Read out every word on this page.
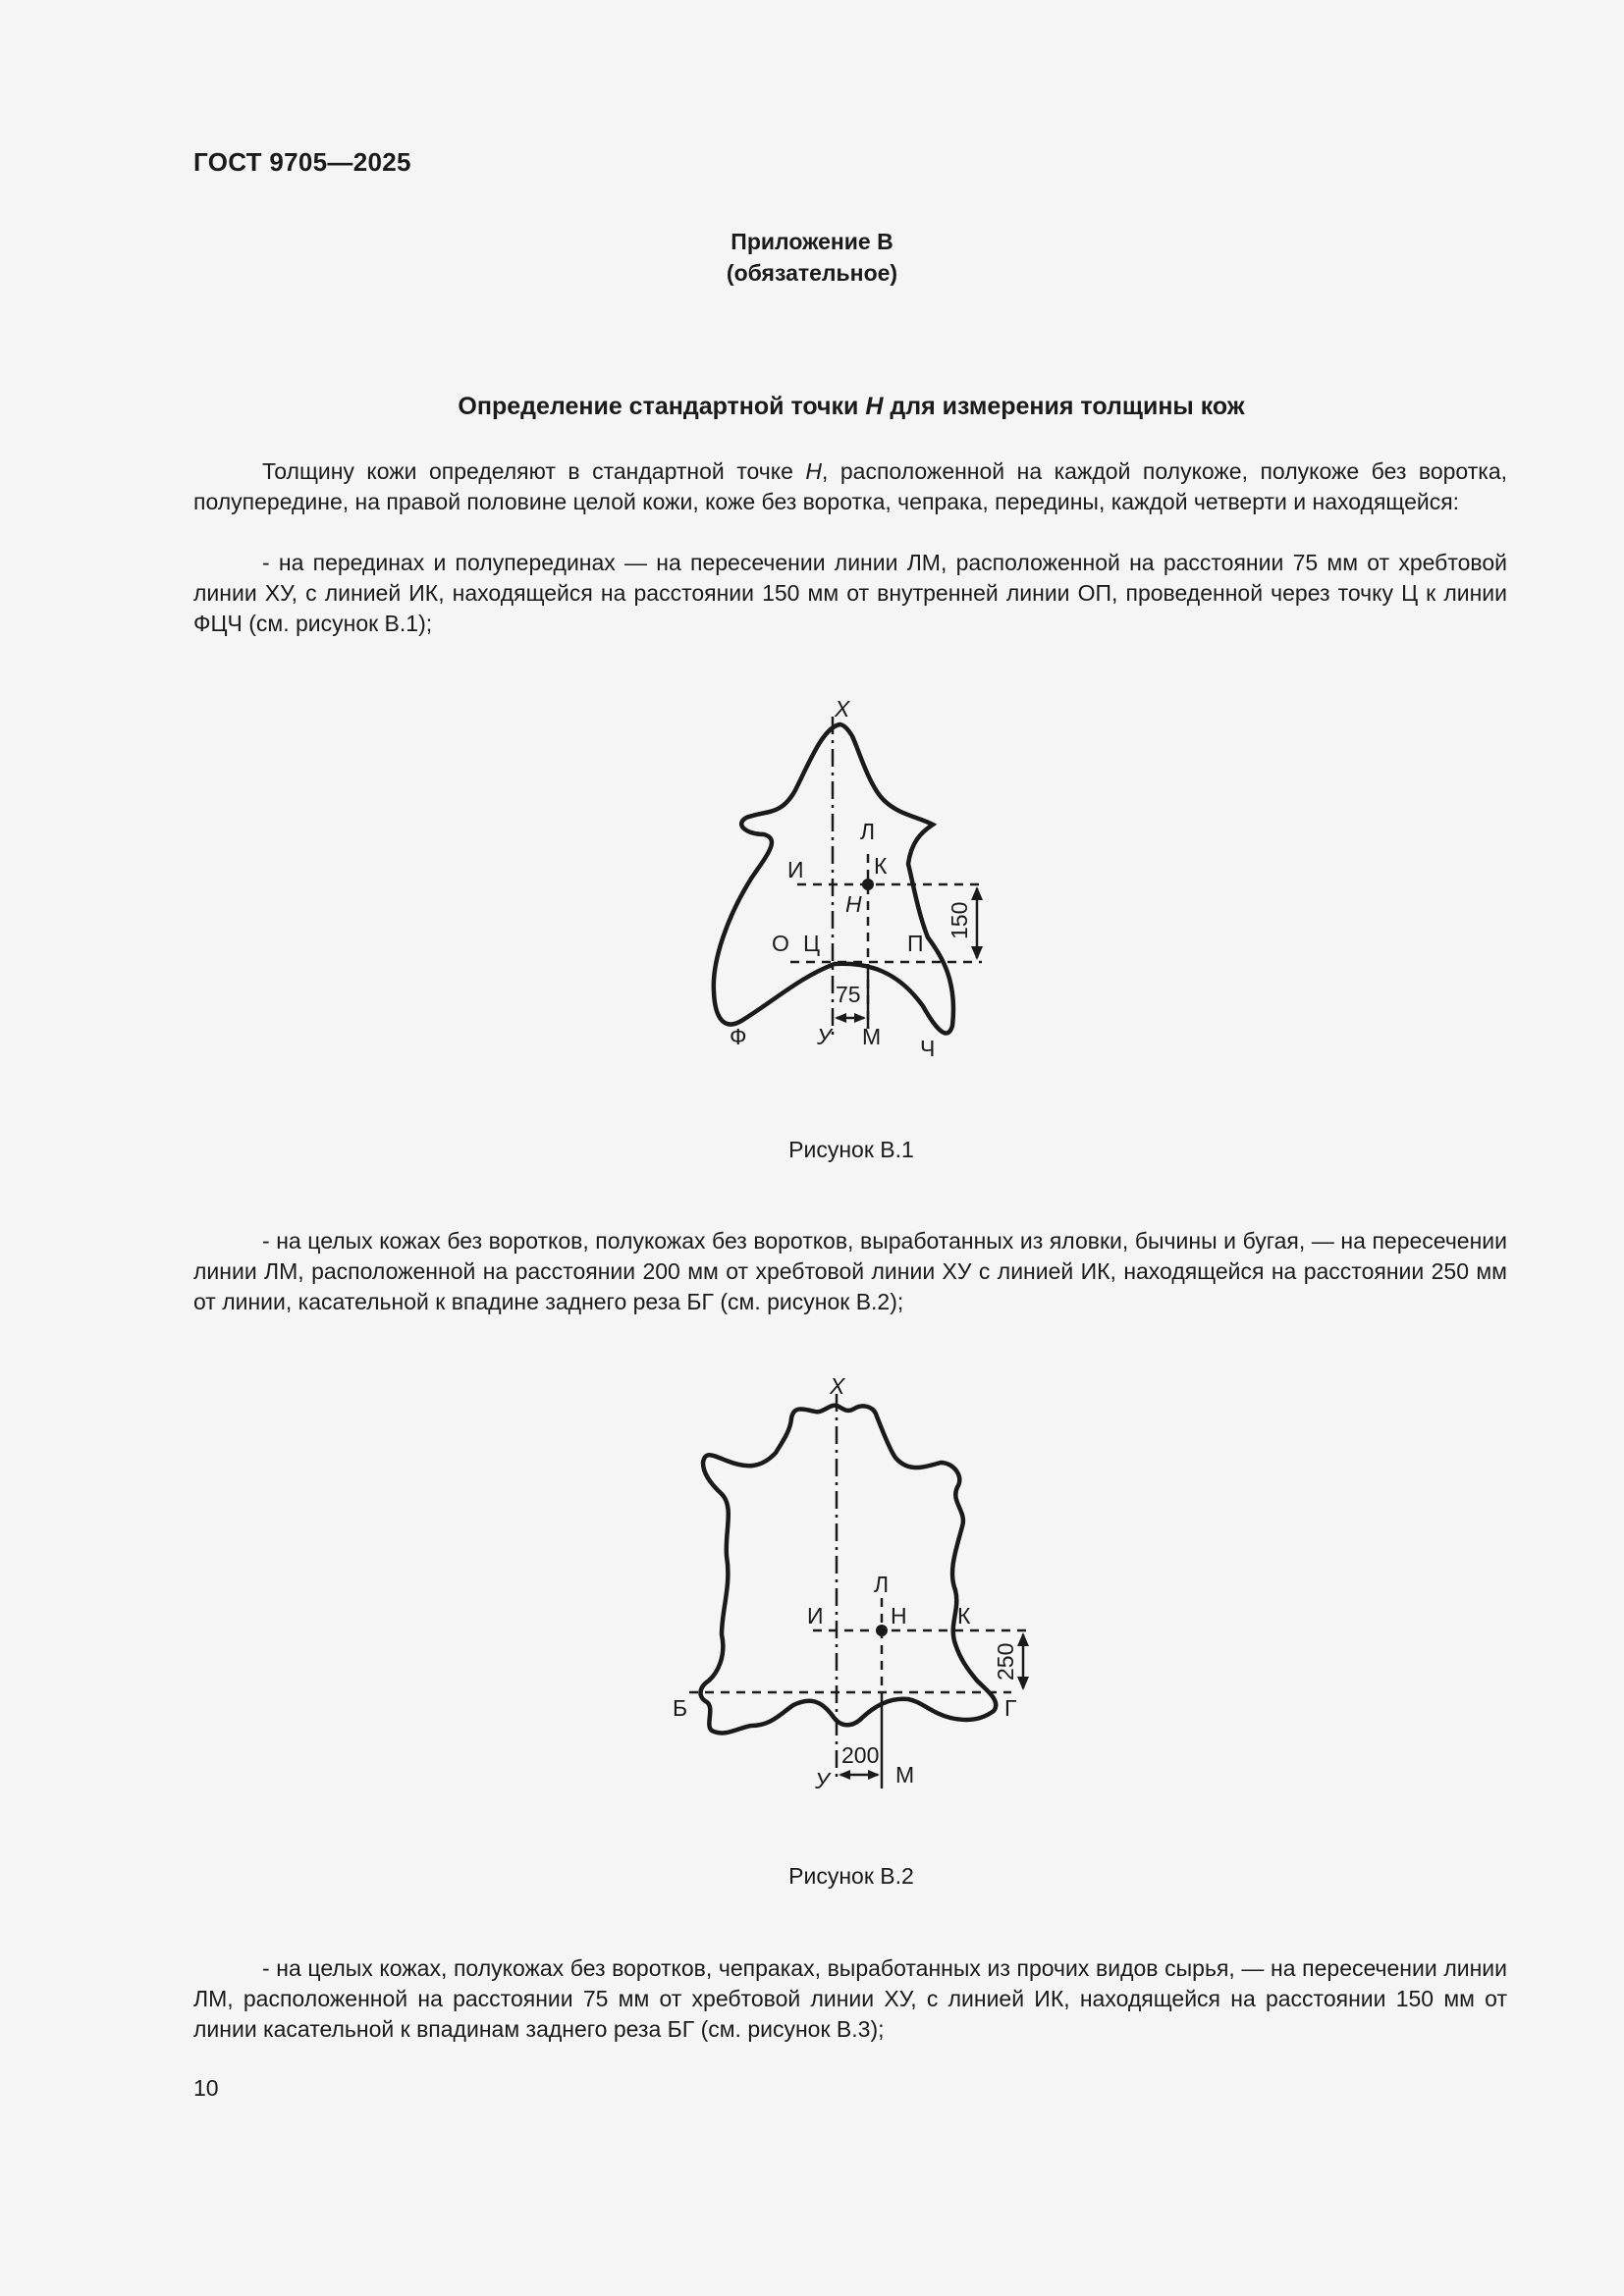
ГОСТ 9705—2025
Приложение В
(обязательное)
Определение стандартной точки Н для измерения толщины кож

Толщину кожи определяют в стандартной точке Н, расположенной на каждой полукоже, полукоже без воротка, полупередине, на правой половине целой кожи, коже без воротка, чепрака, передины, каждой четверти и находящейся:

- на перединах и полуперединах — на пересечении линии ЛМ, расположенной на расстоянии 75 мм от хребтовой линии ХУ, с линией ИК, находящейся на расстоянии 150 мм от внутренней линии ОП, проведенной через точку Ц к линии ФЦЧ (см. рисунок В.1);

Х
Л
И	К
Н
О Ц	П
Ф	У М Ч
75
150
Рисунок В.1

- на целых кожах без воротков, полукожах без воротков, выработанных из яловки, бычины и бугая, — на пересечении линии ЛМ, расположенной на расстоянии 200 мм от хребтовой линии ХУ с линией ИК, находящейся на расстоянии 250 мм от линии, касательной к впадине заднего реза БГ (см. рисунок В.2);

Х
Л
И	Н К
Б	Г
У	М
200
250
Рисунок В.2

- на целых кожах, полукожах без воротков, чепраках, выработанных из прочих видов сырья, — на пересечении линии ЛМ, расположенной на расстоянии 75 мм от хребтовой линии ХУ, с линией ИК, находящейся на расстоянии 150 мм от линии касательной к впадинам заднего реза БГ (см. рисунок В.3);

10
